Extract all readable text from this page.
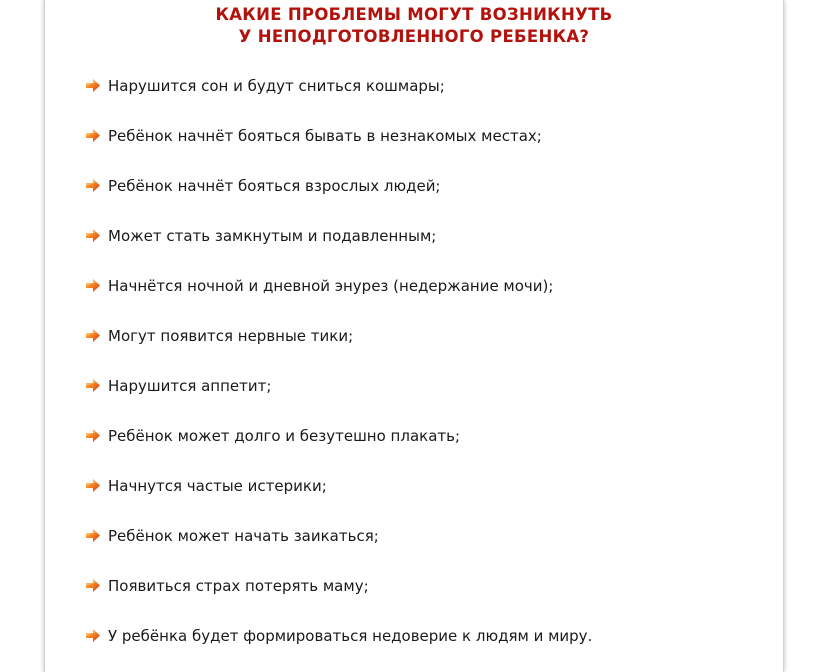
КАКИЕ ПРОБЛЕМЫ МОГУТ ВОЗНИКНУТЬ
У НЕПОДГОТОВЛЕННОГО РЕБЕНКА?
Нарушится сон и будут сниться кошмары;
Ребёнок начнёт бояться бывать в незнакомых местах;
Ребёнок начнёт бояться взрослых людей;
Может стать замкнутым и подавленным;
Начнётся ночной и дневной энурез (недержание мочи);
Могут появится нервные тики;
Нарушится аппетит;
Ребёнок может долго и безутешно плакать;
Начнутся частые истерики;
Ребёнок может начать заикаться;
Появиться страх потерять маму;
У ребёнка будет формироваться недоверие к людям и миру.
